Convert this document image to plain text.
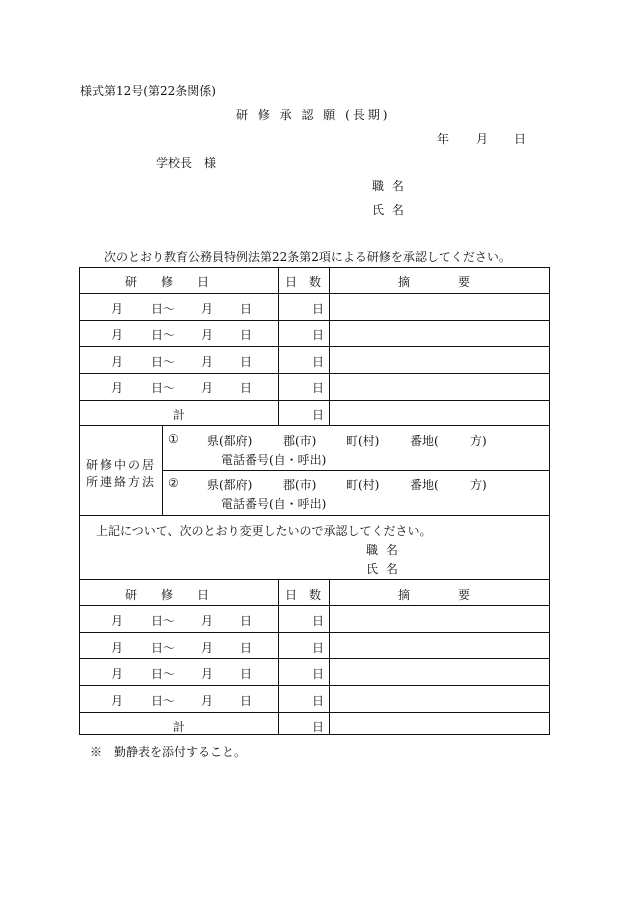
様式第12号(第22条関係)
研 修 承 認 願 (長期)
年 月 日
学校長　様
職 名
氏 名
次のとおり教育公務員特例法第22条第2項による研修を承認してください。
研　　修　　日	日　数	摘　　　　要
月 日～ 月 日	日
月 日～ 月 日	日
月 日～ 月 日	日
月 日～ 月 日	日
計	日
研修中の居
所連絡方法
① 県(都府)	郡(市) 町(村)	番地(	方)
電話番号(自・呼出)
② 県(都府)	郡(市) 町(村)	番地(	方)
電話番号(自・呼出)
上記について、次のとおり変更したいので承認してください。
職 名
氏 名
研　　修　　日	日　数	摘　　　　要
月 日～ 月 日	日
月 日～ 月 日	日
月 日～ 月 日	日
月 日～ 月 日	日
計	日
※　勤静表を添付すること。
